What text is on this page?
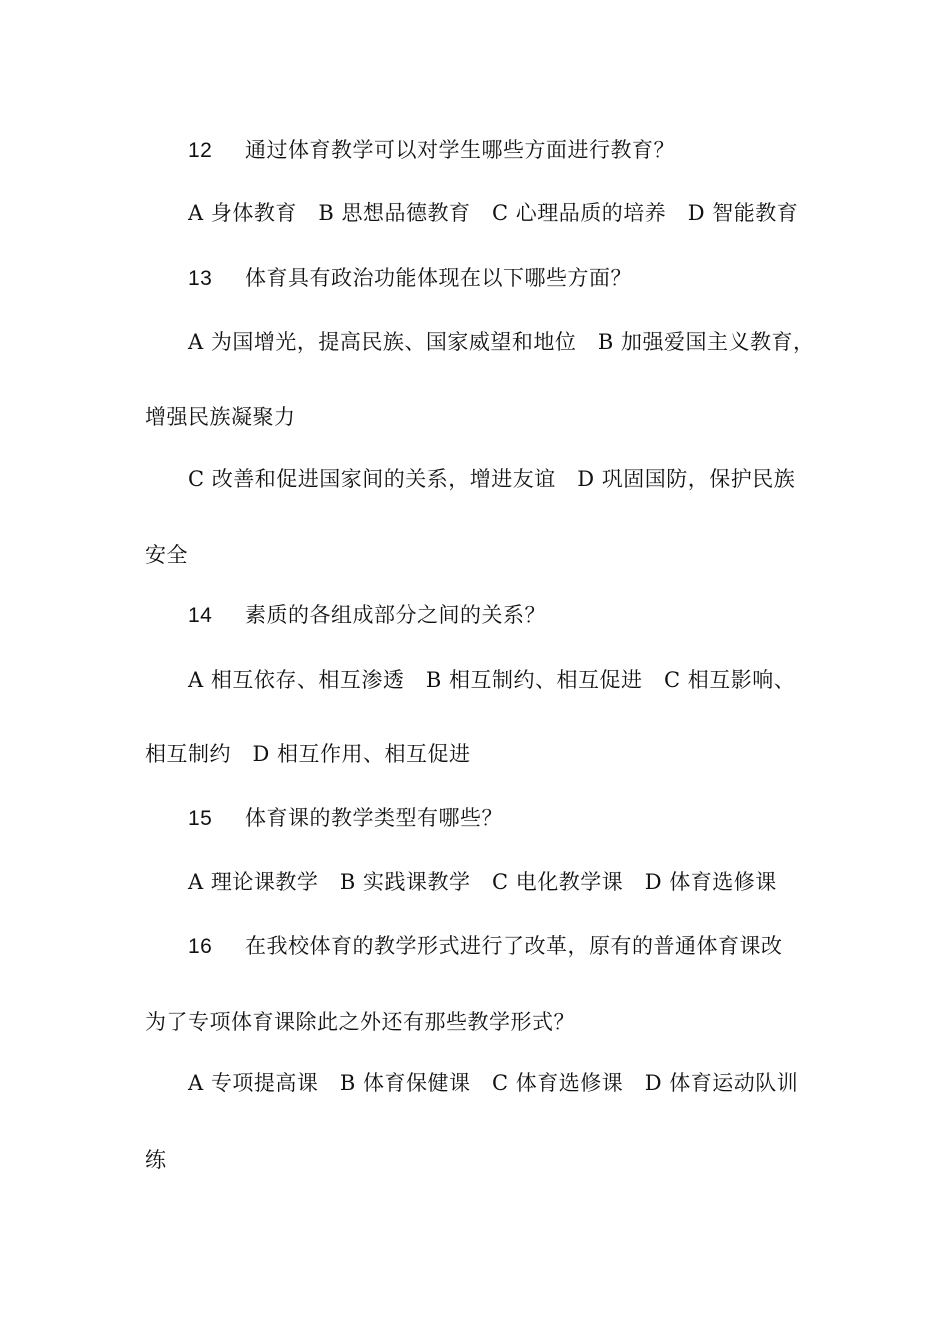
12 通过体育教学可以对学生哪些方面进行教育？
A 身体教育　B 思想品德教育　C 心理品质的培养　D 智能教育
13 体育具有政治功能体现在以下哪些方面？
A 为国增光，提高民族、国家威望和地位　B 加强爱国主义教育，
增强民族凝聚力
C 改善和促进国家间的关系，增进友谊　D 巩固国防，保护民族
安全
14 素质的各组成部分之间的关系？
A 相互依存、相互渗透　B 相互制约、相互促进　C 相互影响、
相互制约　D 相互作用、相互促进
15 体育课的教学类型有哪些？
A 理论课教学　B 实践课教学　C 电化教学课　D 体育选修课
16 在我校体育的教学形式进行了改革，原有的普通体育课改
为了专项体育课除此之外还有那些教学形式？
A 专项提高课　B 体育保健课　C 体育选修课　D 体育运动队训
练
